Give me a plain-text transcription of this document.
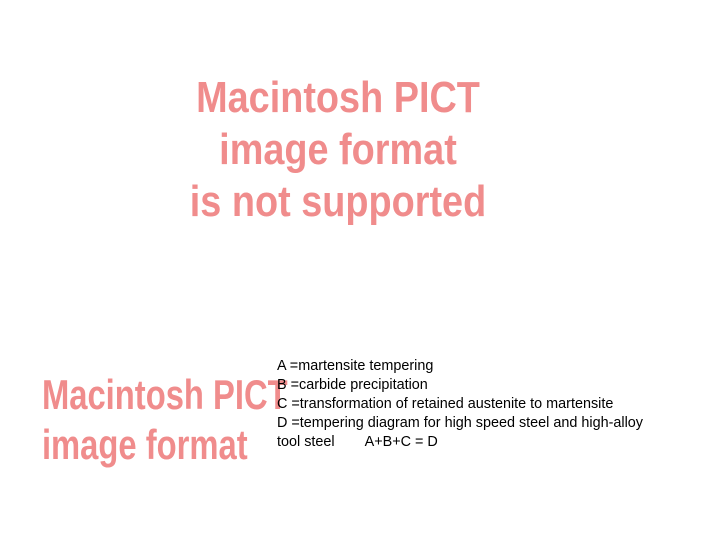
Macintosh PICT
image format
is not supported
Macintosh PICT
image format
A =martensite tempering
B =carbide precipitation
C =transformation of retained austenite to martensite
D =tempering diagram for high speed steel and high-alloy
tool steel A+B+C = D
